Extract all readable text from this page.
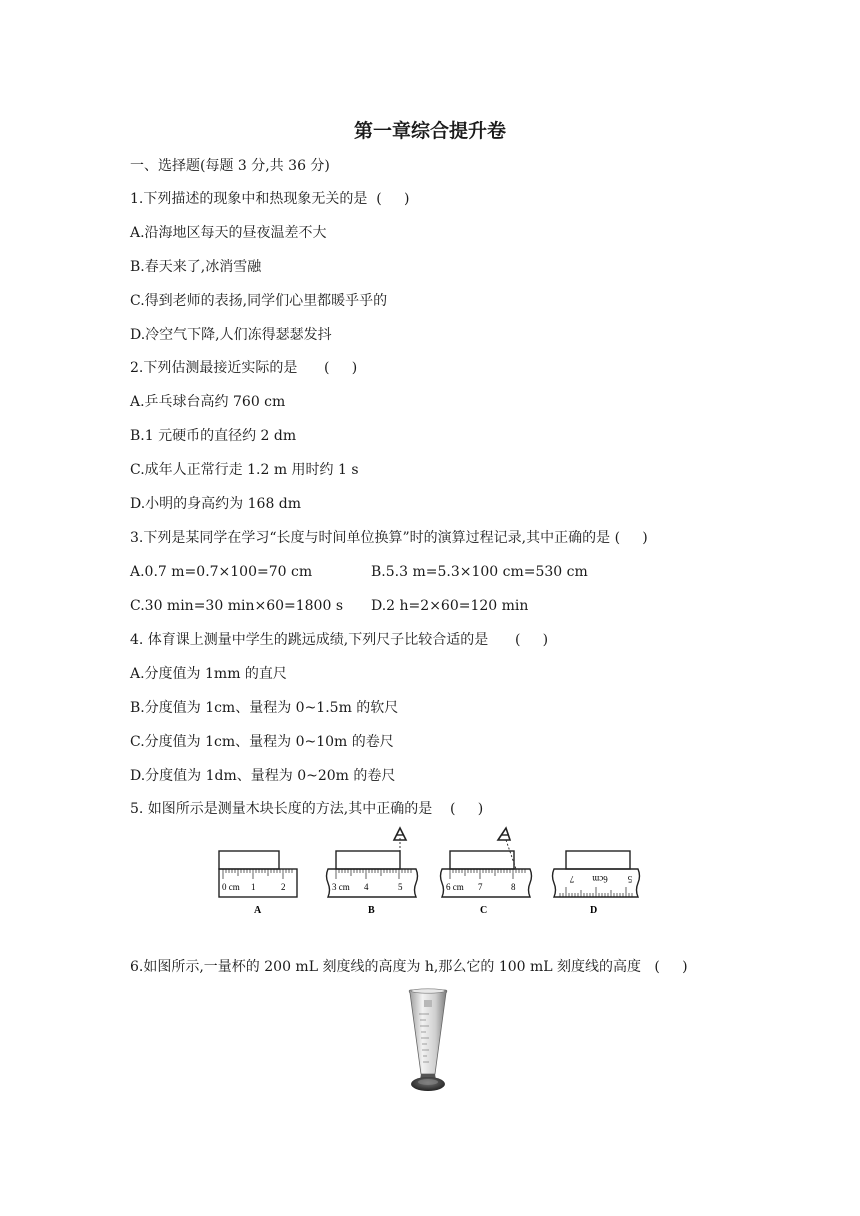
第一章综合提升卷
一、选择题(每题 3 分,共 36 分)
1.下列描述的现象中和热现象无关的是  (     )
A.沿海地区每天的昼夜温差不大
B.春天来了,冰消雪融
C.得到老师的表扬,同学们心里都暖乎乎的
D.冷空气下降,人们冻得瑟瑟发抖
2.下列估测最接近实际的是      (     )
A.乒乓球台高约 760 cm
B.1 元硬币的直径约 2 dm
C.成年人正常行走 1.2 m 用时约 1 s
D.小明的身高约为 168 dm
3.下列是某同学在学习“长度与时间单位换算”时的演算过程记录,其中正确的是 (     )
A.0.7 m=0.7×100=70 cm	B.5.3 m=5.3×100 cm=530 cm
C.30 min=30 min×60=1800 s D.2 h=2×60=120 min
4. 体育课上测量中学生的跳远成绩,下列尺子比较合适的是      (     )
A.分度值为 1mm 的直尺
B.分度值为 1cm、量程为 0~1.5m 的软尺
C.分度值为 1cm、量程为 0~10m 的卷尺
D.分度值为 1dm、量程为 0~20m 的卷尺
5. 如图所示是测量木块长度的方法,其中正确的是    (     )
0 cm 1	2
A
3 cm 4	5
B
6 cm 7	8
C
7 6cm 5
D
6.如图所示,一量杯的 200 mL 刻度线的高度为 h,那么它的 100 mL 刻度线的高度   (     )
